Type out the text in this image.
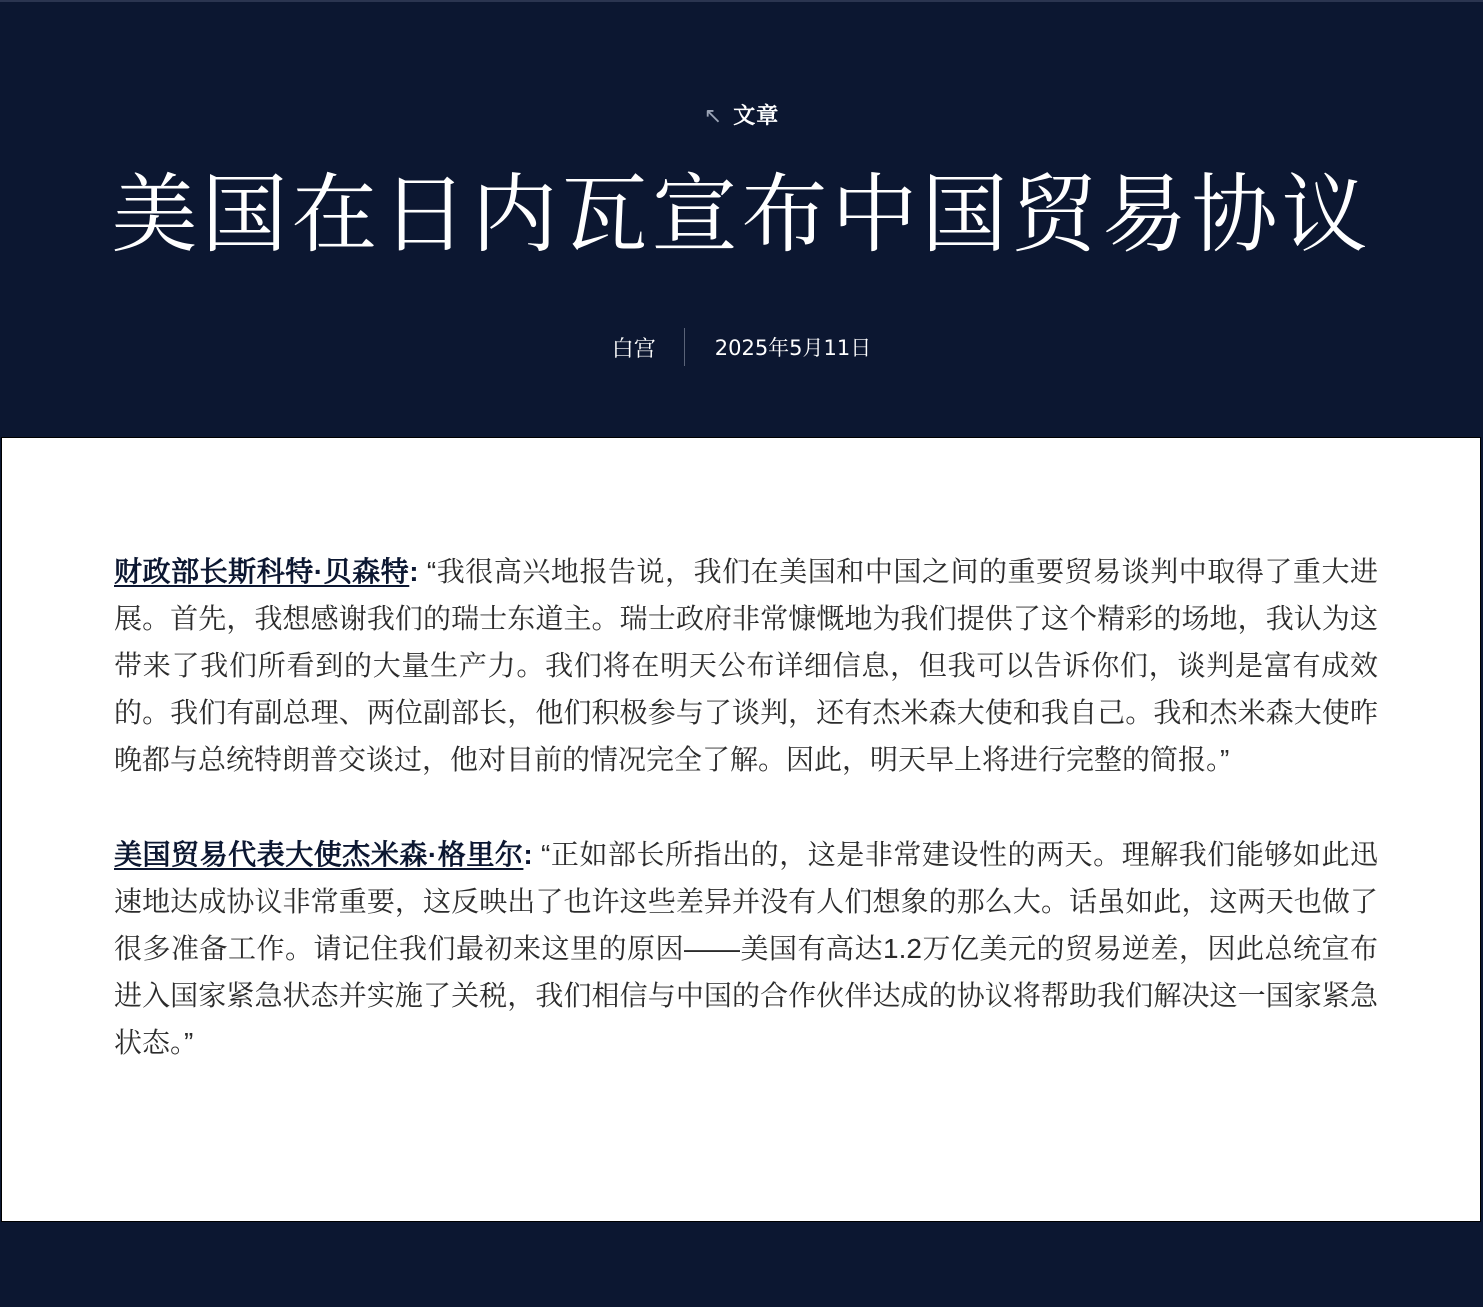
↖ 文章
美国在日内瓦宣布中国贸易协议
白宫	2025年5月11日

财政部长斯科特·贝森特: “我很高兴地报告说，我们在美国和中国之间的重要贸易谈判中取得了重大进展。首先，我想感谢我们的瑞士东道主。瑞士政府非常慷慨地为我们提供了这个精彩的场地，我认为这带来了我们所看到的大量生产力。我们将在明天公布详细信息，但我可以告诉你们，谈判是富有成效的。我们有副总理、两位副部长，他们积极参与了谈判，还有杰米森大使和我自己。我和杰米森大使昨晚都与总统特朗普交谈过，他对目前的情况完全了解。因此，明天早上将进行完整的简报。”

美国贸易代表大使杰米森·格里尔: “正如部长所指出的，这是非常建设性的两天。理解我们能够如此迅速地达成协议非常重要，这反映出了也许这些差异并没有人们想象的那么大。话虽如此，这两天也做了很多准备工作。请记住我们最初来这里的原因——美国有高达1.2万亿美元的贸易逆差，因此总统宣布进入国家紧急状态并实施了关税，我们相信与中国的合作伙伴达成的协议将帮助我们解决这一国家紧急状态。”
